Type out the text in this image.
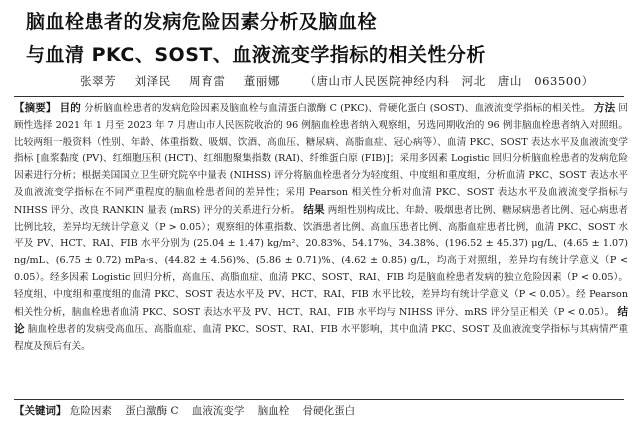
脑血栓患者的发病危险因素分析及脑血栓
与血清 PKC、SOST、血液流变学指标的相关性分析
张翠芳 刘泽民 周育雷 董丽娜 （唐山市人民医院神经内科　河北　唐山　063500）

【摘要】 目的 分析脑血栓患者的发病危险因素及脑血栓与血清蛋白激酶 C (PKC)、骨硬化蛋白 (SOST)、血液流变学指标的相关性。 方法 回顾性选择 2021 年 1 月至 2023 年 7 月唐山市人民医院收治的 96 例脑血栓患者纳入观察组，另选同期收治的 96 例非脑血栓患者纳入对照组。比较两组一般资料（性别、年龄、体重指数、吸烟、饮酒、高血压、糖尿病、高脂血症、冠心病等）、血清 PKC、SOST 表达水平及血液流变学指标 [血浆黏度 (PV)、红细胞压积 (HCT)、红细胞聚集指数 (RAI)、纤维蛋白原 (FIB)]；采用多因素 Logistic 回归分析脑血栓患者的发病危险因素进行分析；根据美国国立卫生研究院卒中量表 (NIHSS) 评分将脑血栓患者分为轻度组、中度组和重度组，分析血清 PKC、SOST 表达水平及血液流变学指标在不同严重程度的脑血栓患者间的差异性；采用 Pearson 相关性分析对血清 PKC、SOST 表达水平及血液流变学指标与 NIHSS 评分、改良 RANKIN 量表 (mRS) 评分的关系进行分析。 结果 两组性别构成比、年龄、吸烟患者比例、糖尿病患者比例、冠心病患者比例比较，差异均无统计学意义（P > 0.05）；观察组的体重指数、饮酒患者比例、高血压患者比例、高脂血症患者比例，血清 PKC、SOST 水平及 PV、HCT、RAI、FIB 水平分别为 (25.04 ± 1.47) kg/m²、20.83%、54.17%、34.38%、(196.52 ± 45.37) μg/L、(4.65 ± 1.07) ng/mL、(6.75 ± 0.72) mPa·s、(44.82 ± 4.56)%、(5.86 ± 0.71)%、(4.62 ± 0.85) g/L，均高于对照组，差异均有统计学意义（P < 0.05）。经多因素 Logistic 回归分析，高血压、高脂血症、血清 PKC、SOST、RAI、FIB 均是脑血栓患者发病的独立危险因素（P < 0.05）。轻度组、中度组和重度组的血清 PKC、SOST 表达水平及 PV、HCT、RAI、FIB 水平比较，差异均有统计学意义（P < 0.05）。经 Pearson 相关性分析，脑血栓患者血清 PKC、SOST 表达水平及 PV、HCT、RAI、FIB 水平均与 NIHSS 评分、mRS 评分呈正相关（P < 0.05）。 结论 脑血栓患者的发病受高血压、高脂血症、血清 PKC、SOST、RAI、FIB 水平影响，其中血清 PKC、SOST 及血液流变学指标与其病情严重程度及预后有关。

【关键词】 危险因素 蛋白激酶 C 血液流变学 脑血栓 骨硬化蛋白
